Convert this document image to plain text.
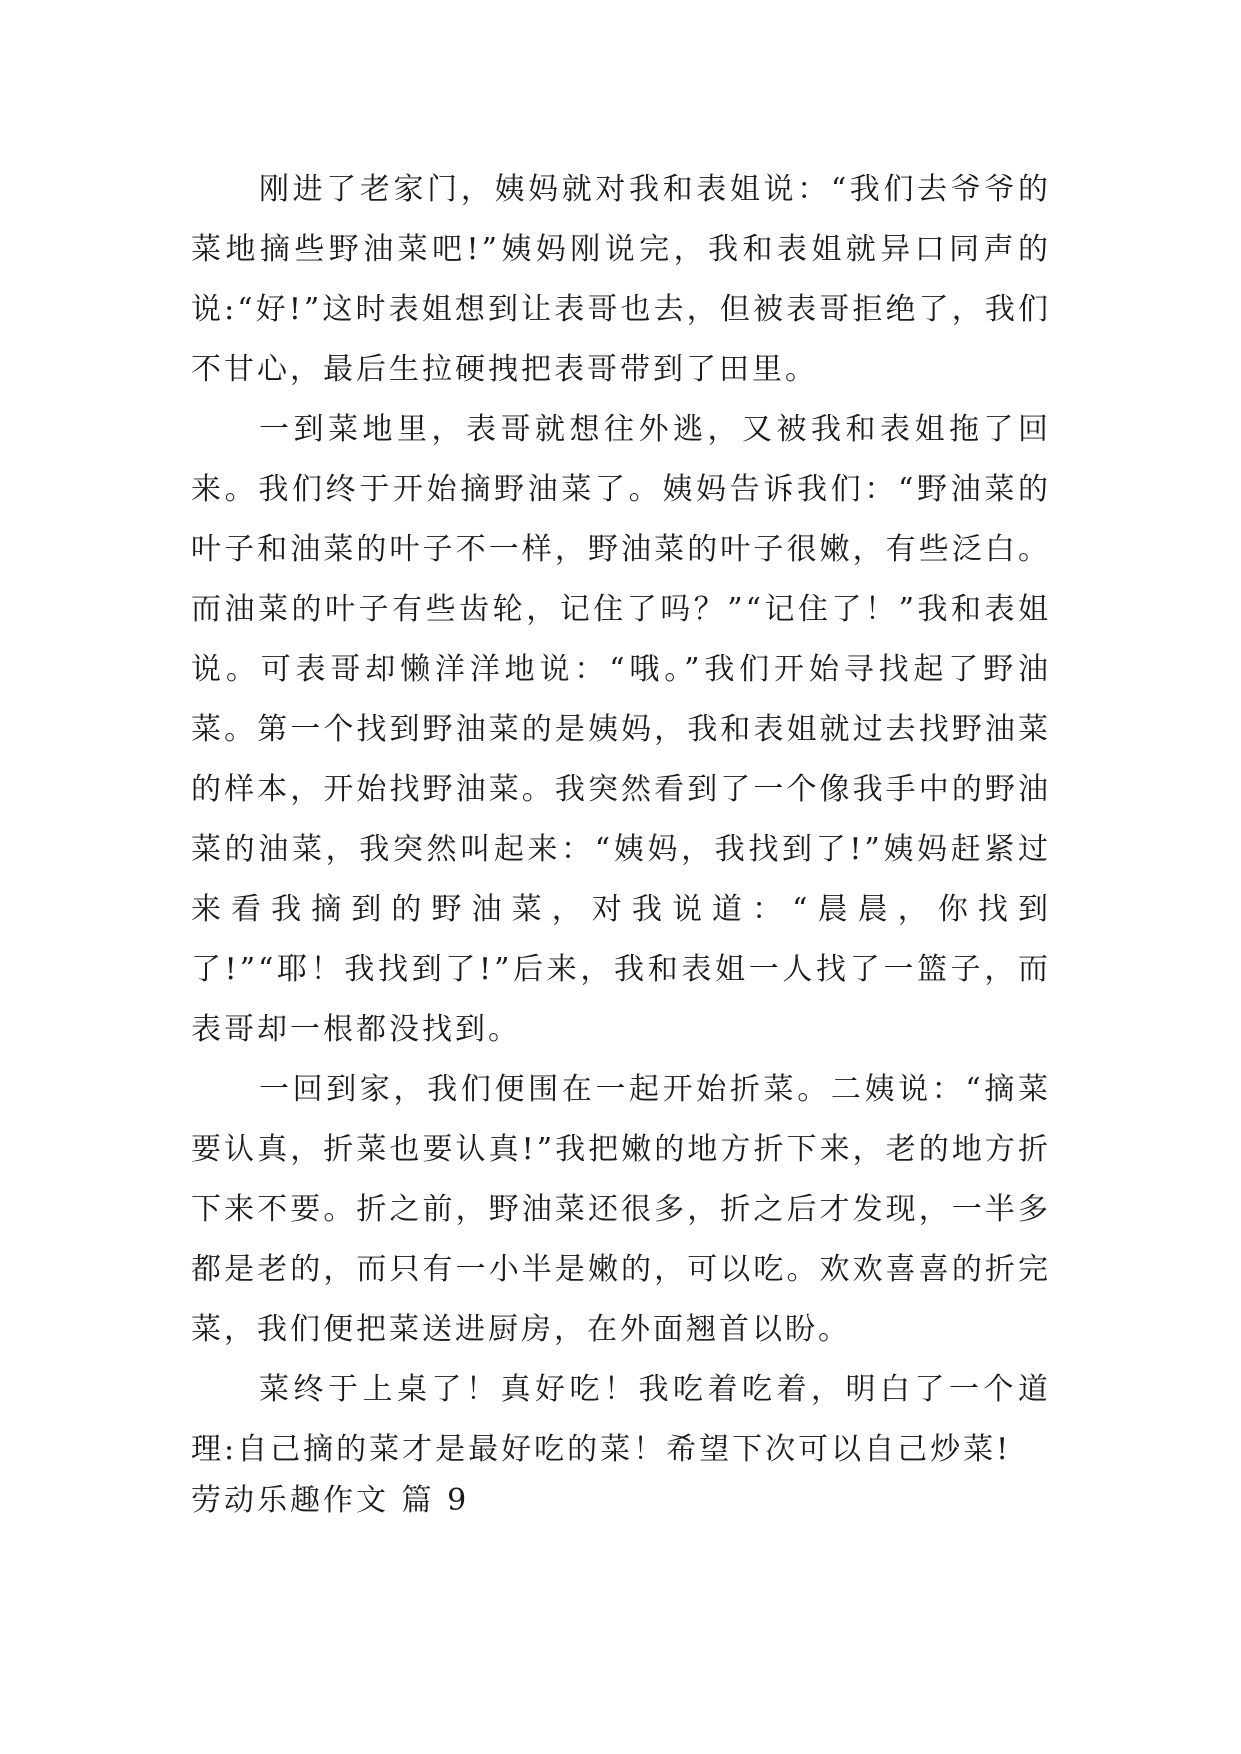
刚进了老家门，姨妈就对我和表姐说：“我们去爷爷的菜地摘些野油菜吧!”姨妈刚说完，我和表姐就异口同声的说:“好!”这时表姐想到让表哥也去，但被表哥拒绝了，我们不甘心，最后生拉硬拽把表哥带到了田里。

一到菜地里，表哥就想往外逃，又被我和表姐拖了回来。我们终于开始摘野油菜了。姨妈告诉我们：“野油菜的叶子和油菜的叶子不一样，野油菜的叶子很嫩，有些泛白。而油菜的叶子有些齿轮，记住了吗？”“记住了！”我和表姐说。可表哥却懒洋洋地说：“哦。”我们开始寻找起了野油菜。第一个找到野油菜的是姨妈，我和表姐就过去找野油菜的样本，开始找野油菜。我突然看到了一个像我手中的野油菜的油菜，我突然叫起来：“姨妈，我找到了!”姨妈赶紧过来看我摘到的野油菜，对我说道：“晨晨，你找到了!”“耶！我找到了!”后来，我和表姐一人找了一篮子，而表哥却一根都没找到。

一回到家，我们便围在一起开始折菜。二姨说：“摘菜要认真，折菜也要认真!”我把嫩的地方折下来，老的地方折下来不要。折之前，野油菜还很多，折之后才发现，一半多都是老的，而只有一小半是嫩的，可以吃。欢欢喜喜的折完菜，我们便把菜送进厨房，在外面翘首以盼。

菜终于上桌了！真好吃！我吃着吃着，明白了一个道理:自己摘的菜才是最好吃的菜！希望下次可以自己炒菜!

劳动乐趣作文 篇 9
